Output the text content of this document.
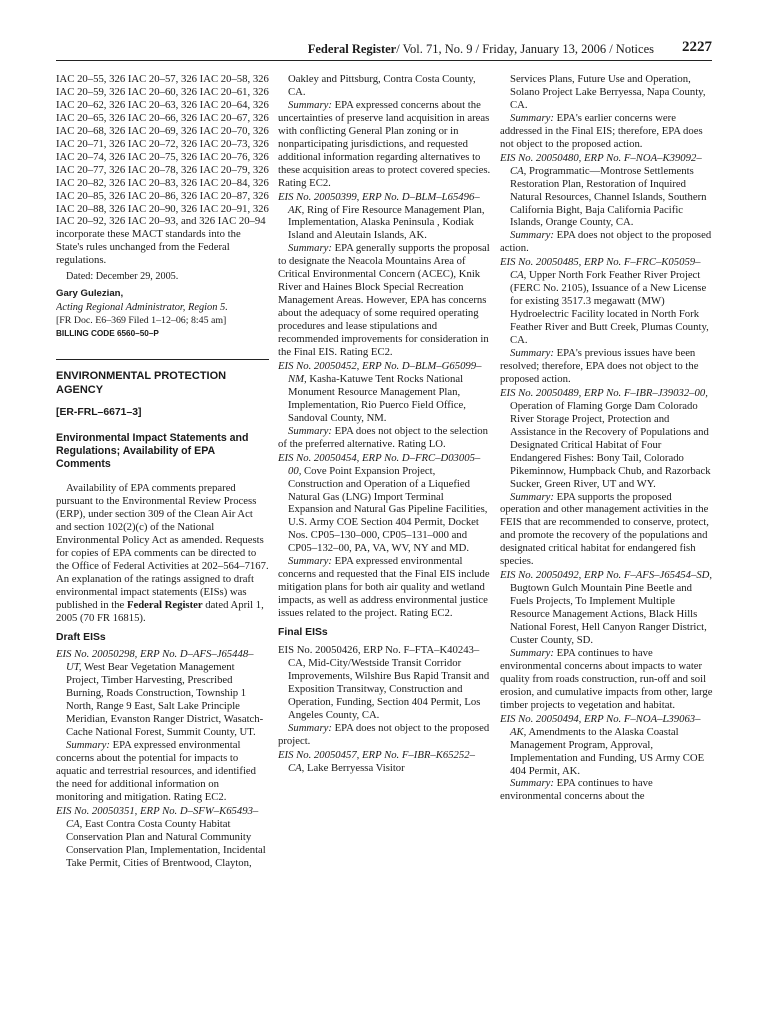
Federal Register/ Vol. 71, No. 9 / Friday, January 13, 2006 / Notices 2227

IAC 20–55, 326 IAC 20–57, 326 IAC 20–58, 326 IAC 20–59, 326 IAC 20–60, 326 IAC 20–61, 326 IAC 20–62, 326 IAC 20–63, 326 IAC 20–64, 326 IAC 20–65, 326 IAC 20–66, 326 IAC 20–67, 326 IAC 20–68, 326 IAC 20–69, 326 IAC 20–70, 326 IAC 20–71, 326 IAC 20–72, 326 IAC 20–73, 326 IAC 20–74, 326 IAC 20–75, 326 IAC 20–76, 326 IAC 20–77, 326 IAC 20–78, 326 IAC 20–79, 326 IAC 20–82, 326 IAC 20–83, 326 IAC 20–84, 326 IAC 20–85, 326 IAC 20–86, 326 IAC 20–87, 326 IAC 20–88, 326 IAC 20–90, 326 IAC 20–91, 326 IAC 20–92, 326 IAC 20–93, and 326 IAC 20–94 incorporate these MACT standards into the State's rules unchanged from the Federal regulations.

Dated: December 29, 2005.

Gary Gulezian,

Acting Regional Administrator, Region 5.

[FR Doc. E6–369 Filed 1–12–06; 8:45 am]

BILLING CODE 6560–50–P

ENVIRONMENTAL PROTECTION AGENCY

[ER-FRL–6671–3]

Environmental Impact Statements and Regulations; Availability of EPA Comments

Availability of EPA comments prepared pursuant to the Environmental Review Process (ERP), under section 309 of the Clean Air Act and section 102(2)(c) of the National Environmental Policy Act as amended. Requests for copies of EPA comments can be directed to the Office of Federal Activities at 202–564–7167. An explanation of the ratings assigned to draft environmental impact statements (EISs) was published in the Federal Register dated April 1, 2005 (70 FR 16815).

Draft EISs

EIS No. 20050298, ERP No. D–AFS–J65448–UT, West Bear Vegetation Management Project, Timber Harvesting, Prescribed Burning, Roads Construction, Township 1 North, Range 9 East, Salt Lake Principle Meridian, Evanston Ranger District, Wasatch-Cache National Forest, Summit County, UT.

Summary: EPA expressed environmental concerns about the potential for impacts to aquatic and terrestrial resources, and identified the need for additional information on monitoring and mitigation. Rating EC2.

EIS No. 20050351, ERP No. D–SFW–K65493–CA, East Contra Costa County Habitat Conservation Plan and Natural Community Conservation Plan, Implementation, Incidental Take Permit, Cities of Brentwood, Clayton,

Oakley and Pittsburg, Contra Costa County, CA.

Summary: EPA expressed concerns about the uncertainties of preserve land acquisition in areas with conflicting General Plan zoning or in nonparticipating jurisdictions, and requested additional information regarding alternatives to these acquisition areas to protect covered species. Rating EC2.

EIS No. 20050399, ERP No. D–BLM–L65496–AK, Ring of Fire Resource Management Plan, Implementation, Alaska Peninsula , Kodiak Island and Aleutain Islands, AK.

Summary: EPA generally supports the proposal to designate the Neacola Mountains Area of Critical Environmental Concern (ACEC), Knik River and Haines Block Special Recreation Management Areas. However, EPA has concerns about the adequacy of some required operating procedures and lease stipulations and recommended improvements for consideration in the Final EIS. Rating EC2.

EIS No. 20050452, ERP No. D–BLM–G65099–NM, Kasha-Katuwe Tent Rocks National Monument Resource Management Plan, Implementation, Rio Puerco Field Office, Sandoval County, NM.

Summary: EPA does not object to the selection of the preferred alternative. Rating LO.

EIS No. 20050454, ERP No. D–FRC–D03005–00, Cove Point Expansion Project, Construction and Operation of a Liquefied Natural Gas (LNG) Import Terminal Expansion and Natural Gas Pipeline Facilities, U.S. Army COE Section 404 Permit, Docket Nos. CP05–130–000, CP05–131–000 and CP05–132–00, PA, VA, WV, NY and MD.

Summary: EPA expressed environmental concerns and requested that the Final EIS include mitigation plans for both air quality and wetland impacts, as well as address environmental justice issues related to the project. Rating EC2.

Final EISs

EIS No. 20050426, ERP No. F–FTA–K40243–CA, Mid-City/Westside Transit Corridor Improvements, Wilshire Bus Rapid Transit and Exposition Transitway, Construction and Operation, Funding, Section 404 Permit, Los Angeles County, CA.

Summary: EPA does not object to the proposed project.

EIS No. 20050457, ERP No. F–IBR–K65252–CA, Lake Berryessa Visitor

Services Plans, Future Use and Operation, Solano Project Lake Berryessa, Napa County, CA.

Summary: EPA's earlier concerns were addressed in the Final EIS; therefore, EPA does not object to the proposed action.

EIS No. 20050480, ERP No. F–NOA–K39092–CA, Programmatic—Montrose Settlements Restoration Plan, Restoration of Inquired Natural Resources, Channel Islands, Southern California Bight, Baja California Pacific Islands, Orange County, CA.

Summary: EPA does not object to the proposed action.

EIS No. 20050485, ERP No. F–FRC–K05059–CA, Upper North Fork Feather River Project (FERC No. 2105), Issuance of a New License for existing 3517.3 megawatt (MW) Hydroelectric Facility located in North Fork Feather River and Butt Creek, Plumas County, CA.

Summary: EPA's previous issues have been resolved; therefore, EPA does not object to the proposed action.

EIS No. 20050489, ERP No. F–IBR–J39032–00, Operation of Flaming Gorge Dam Colorado River Storage Project, Protection and Assistance in the Recovery of Populations and Designated Critical Habitat of Four Endangered Fishes: Bony Tail, Colorado Pikeminnow, Humpback Chub, and Razorback Sucker, Green River, UT and WY.

Summary: EPA supports the proposed operation and other management activities in the FEIS that are recommended to conserve, protect, and promote the recovery of the populations and designated critical habitat for endangered fish species.

EIS No. 20050492, ERP No. F–AFS–J65454–SD, Bugtown Gulch Mountain Pine Beetle and Fuels Projects, To Implement Multiple Resource Management Actions, Black Hills National Forest, Hell Canyon Ranger District, Custer County, SD.

Summary: EPA continues to have environmental concerns about impacts to water quality from roads construction, run-off and soil erosion, and cumulative impacts from other, large timber projects to vegetation and habitat.

EIS No. 20050494, ERP No. F–NOA–L39063–AK, Amendments to the Alaska Coastal Management Program, Approval, Implementation and Funding, US Army COE 404 Permit, AK.

Summary: EPA continues to have environmental concerns about the
